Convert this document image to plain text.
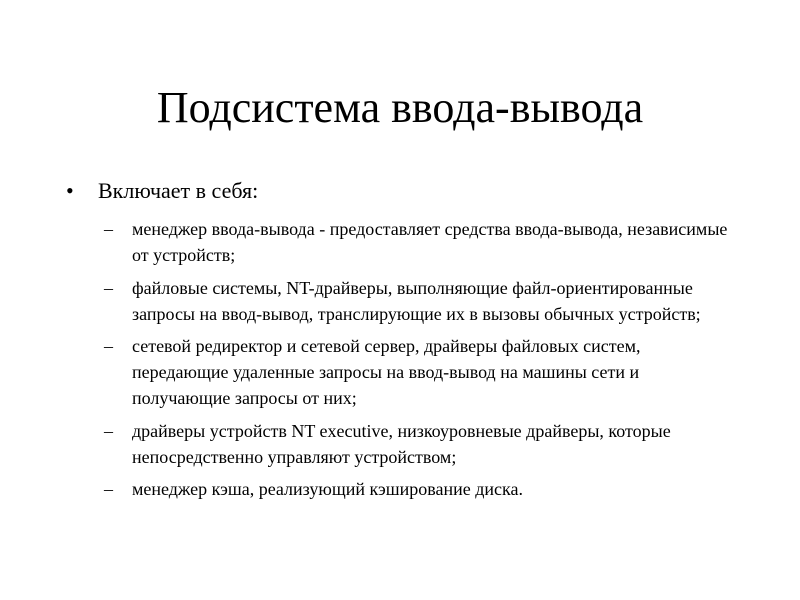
Подсистема ввода-вывода

• Включает в себя:

–	менеджер ввода-вывода - предоставляет средства ввода-вывода, независимые от устройств;
–	файловые системы, NT-драйверы, выполняющие файл-ориентированные запросы на ввод-вывод, транслирующие их в вызовы обычных устройств;
–	сетевой редиректор и сетевой сервер, драйверы файловых систем, передающие удаленные запросы на ввод-вывод на машины сети и получающие запросы от них;
–	драйверы устройств NT executive, низкоуровневые драйверы, которые непосредственно управляют устройством;
–	менеджер кэша, реализующий кэширование диска.
